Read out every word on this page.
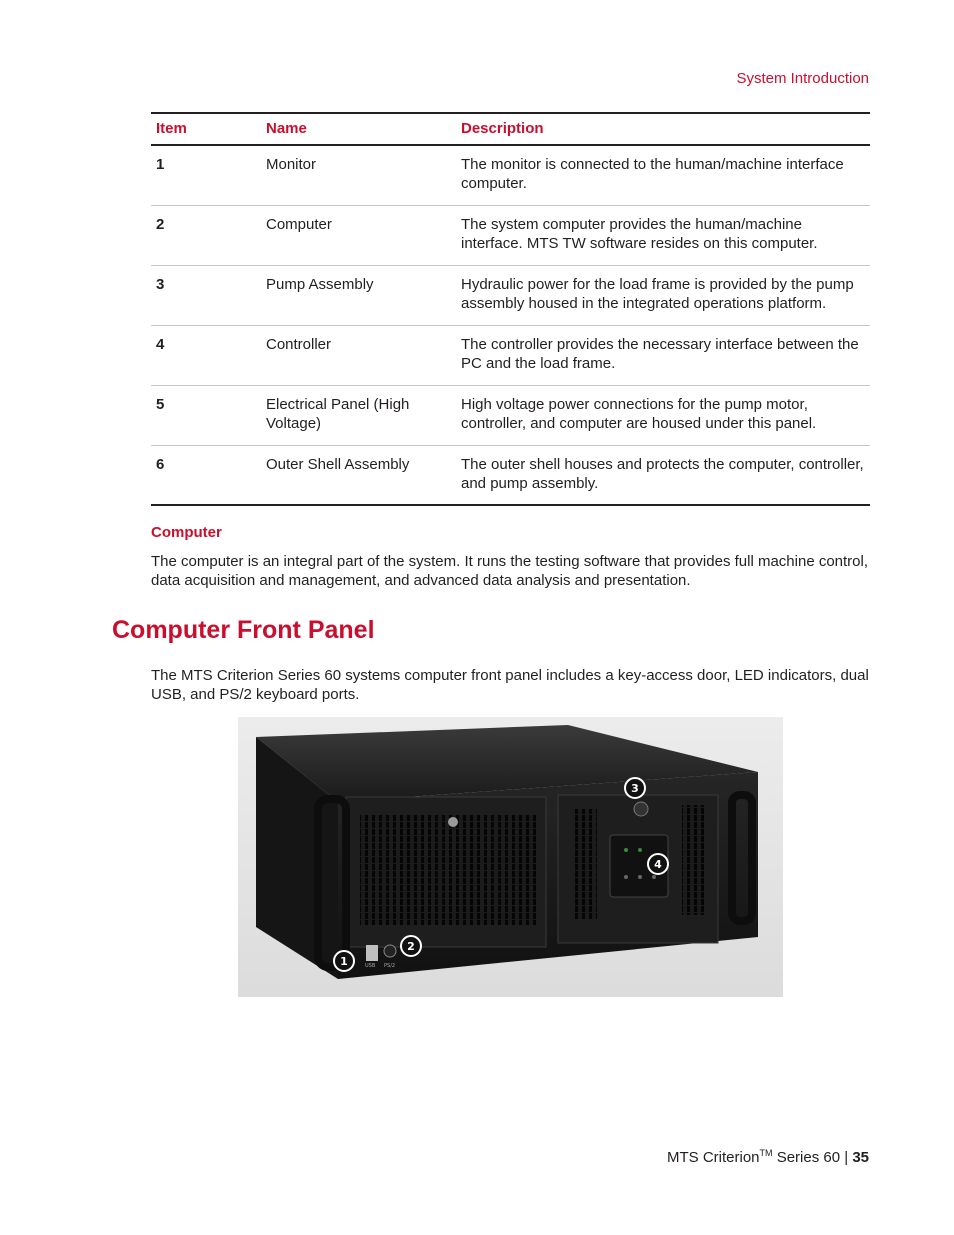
System Introduction
Item	Name	Description
1	Monitor	The monitor is connected to the human/machine interface computer.
2	Computer	The system computer provides the human/machine interface. MTS TW software resides on this computer.
3	Pump Assembly	Hydraulic power for the load frame is provided by the pump assembly housed in the integrated operations platform.
4	Controller	The controller provides the necessary interface between the PC and the load frame.
5	Electrical Panel (High Voltage)	High voltage power connections for the pump motor, controller, and computer are housed under this panel.
6	Outer Shell Assembly	The outer shell houses and protects the computer, controller, and pump assembly.
Computer
The computer is an integral part of the system. It runs the testing software that provides full machine control, data acquisition and management, and advanced data analysis and presentation.
Computer Front Panel
The MTS Criterion Series 60 systems computer front panel includes a key-access door, LED indicators, dual USB, and PS/2 keyboard ports.
USB PS/2
1
2
3
4
MTS Criterion™ Series 60 | 35
